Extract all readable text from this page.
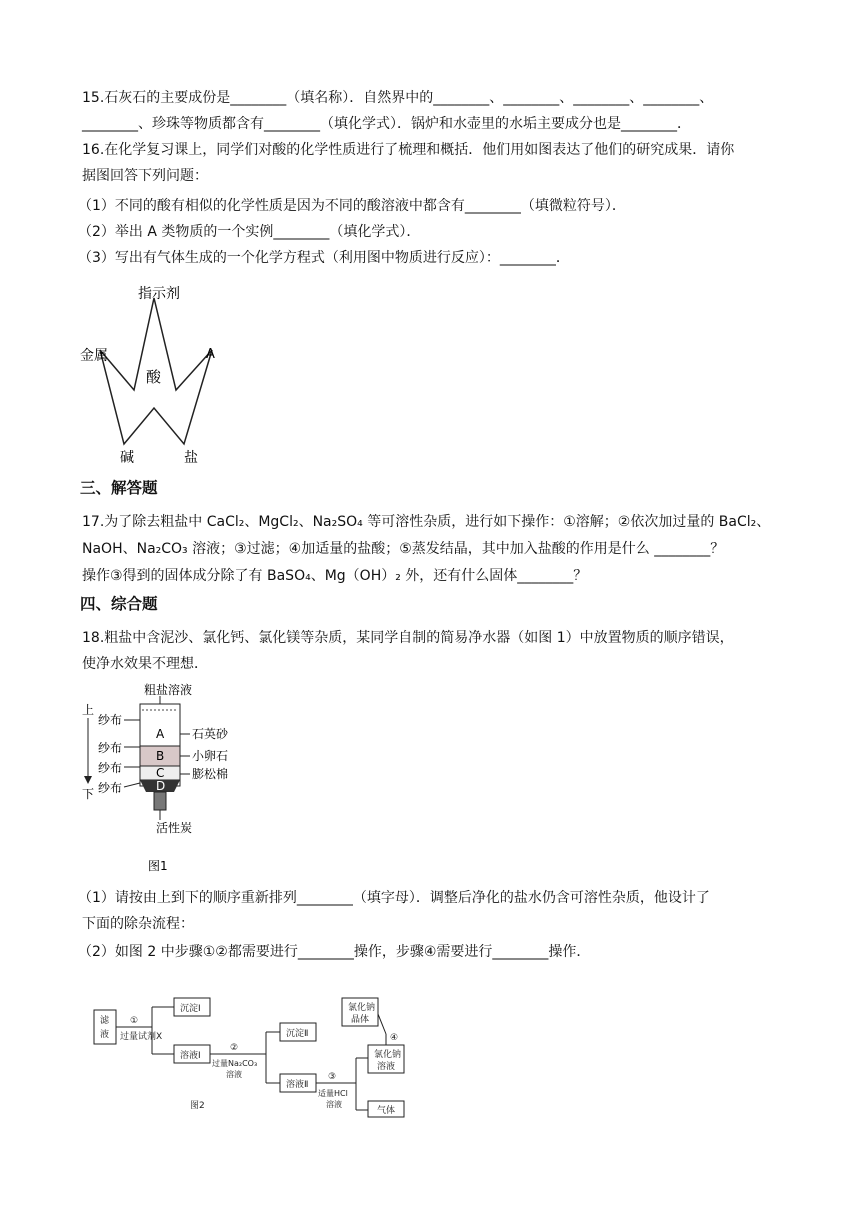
15.石灰石的主要成份是________（填名称）．自然界中的________、________、________、________、
________、珍珠等物质都含有________（填化学式）．锅炉和水壶里的水垢主要成分也是________．
16.在化学复习课上，同学们对酸的化学性质进行了梳理和概括．他们用如图表达了他们的研究成果．请你
据图回答下列问题：
（1）不同的酸有相似的化学性质是因为不同的酸溶液中都含有________（填微粒符号）．
（2）举出 A 类物质的一个实例________（填化学式）．
（3）写出有气体生成的一个化学方程式（利用图中物质进行反应）：________．
指示剂
金属	A
酸
碱	盐
三、解答题
17.为了除去粗盐中 CaCl₂、MgCl₂、Na₂SO₄ 等可溶性杂质，进行如下操作：①溶解；②依次加过量的 BaCl₂、
NaOH、Na₂CO₃ 溶液；③过滤；④加适量的盐酸；⑤蒸发结晶，其中加入盐酸的作用是什么 ________？
操作③得到的固体成分除了有 BaSO₄、Mg（OH）₂ 外，还有什么固体________？
四、综合题
18.粗盐中含泥沙、氯化钙、氯化镁等杂质，某同学自制的简易净水器（如图 1）中放置物质的顺序错误，
使净水效果不理想．
粗盐溶液
上
下
纱布
纱布
纱布
纱布
A
B
C
D
石英砂
小卵石
膨松棉
活性炭
图1
（1）请按由上到下的顺序重新排列________（填字母）．调整后净化的盐水仍含可溶性杂质，他设计了
下面的除杂流程：
（2）如图 2 中步骤①②都需要进行________操作，步骤④需要进行________操作．
滤
液
①
过量试剂X
沉淀Ⅰ
溶液Ⅰ
②
过量Na₂CO₃
溶液
沉淀Ⅱ
溶液Ⅱ
③
适量HCl
溶液
氯化钠
溶液
气体
④
氯化钠
晶体
图2
